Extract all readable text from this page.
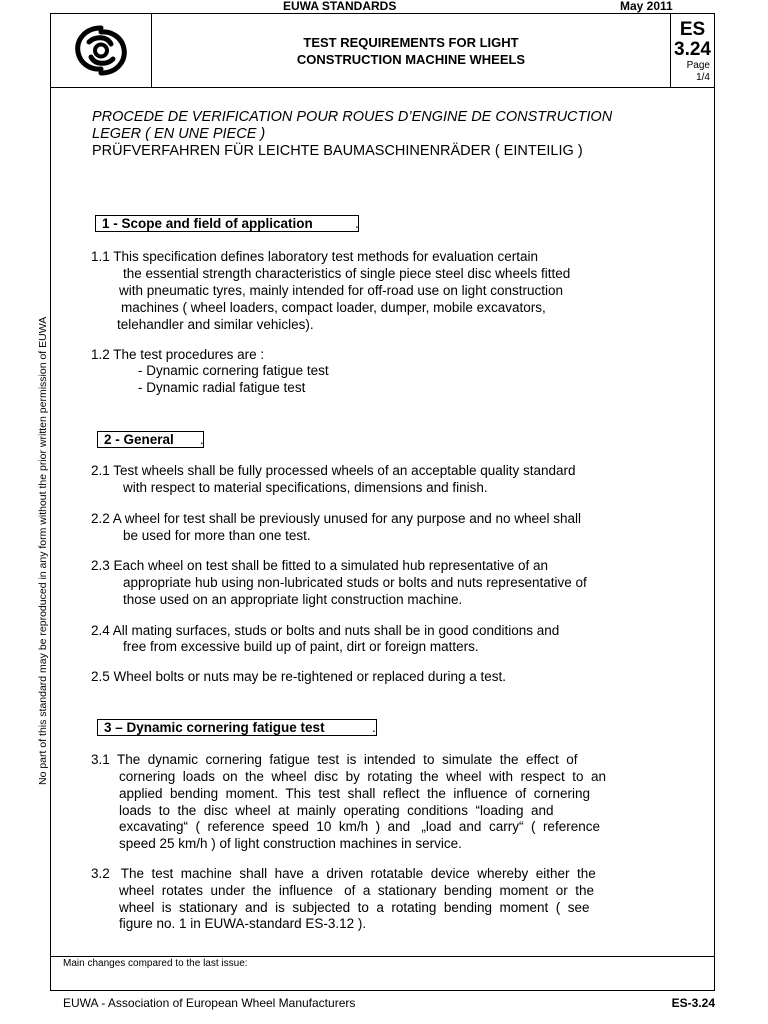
EUWA STANDARDS	May 2011
TEST REQUIREMENTS FOR LIGHT
CONSTRUCTION MACHINE WHEELS
ES
3.24
Page 1/4
No part of this standard may be reproduced in any form without the prior written permission of EUWA
PROCEDE DE VERIFICATION POUR ROUES D’ENGINE DE CONSTRUCTION
LEGER ( EN UNE PIECE )
PRÜFVERFAHREN FÜR LEICHTE BAUMASCHINENRÄDER ( EINTEILIG )
1 - Scope and field of application	.
1.1 This specification defines laboratory test methods for evaluation certain
the essential strength characteristics of single piece steel disc wheels fitted
with pneumatic tyres, mainly intended for off-road use on light construction
machines ( wheel loaders, compact loader, dumper, mobile excavators,
telehandler and similar vehicles).
1.2 The test procedures are :
- Dynamic cornering fatigue test
- Dynamic radial fatigue test
2 - General .
2.1 Test wheels shall be fully processed wheels of an acceptable quality standard
with respect to material specifications, dimensions and finish.
2.2 A wheel for test shall be previously unused for any purpose and no wheel shall
be used for more than one test.
2.3 Each wheel on test shall be fitted to a simulated hub representative of an
appropriate hub using non-lubricated studs or bolts and nuts representative of
those used on an appropriate light construction machine.
2.4 All mating surfaces, studs or bolts and nuts shall be in good conditions and
free from excessive build up of paint, dirt or foreign matters.
2.5 Wheel bolts or nuts may be re-tightened or replaced during a test.
3 – Dynamic cornering fatigue test	.
3.1  The  dynamic  cornering  fatigue  test  is  intended  to  simulate  the  effect  of
cornering  loads  on  the  wheel  disc  by  rotating  the  wheel  with  respect  to  an
applied  bending  moment.  This  test  shall  reflect  the  influence  of  cornering
loads  to  the  disc  wheel  at  mainly  operating  conditions  “loading  and
excavating“  (  reference  speed  10  km/h  )  and   „load  and  carry“  (  reference
speed 25 km/h ) of light construction machines in service.
3.2   The  test  machine  shall  have  a  driven  rotatable  device  whereby  either  the
wheel  rotates  under  the  influence   of  a  stationary  bending  moment  or  the
wheel  is  stationary  and  is  subjected  to  a  rotating  bending  moment  (  see
figure no. 1 in EUWA-standard ES-3.12 ).
Main changes compared to the last issue:
EUWA - Association of European Wheel Manufacturers	ES-3.24
